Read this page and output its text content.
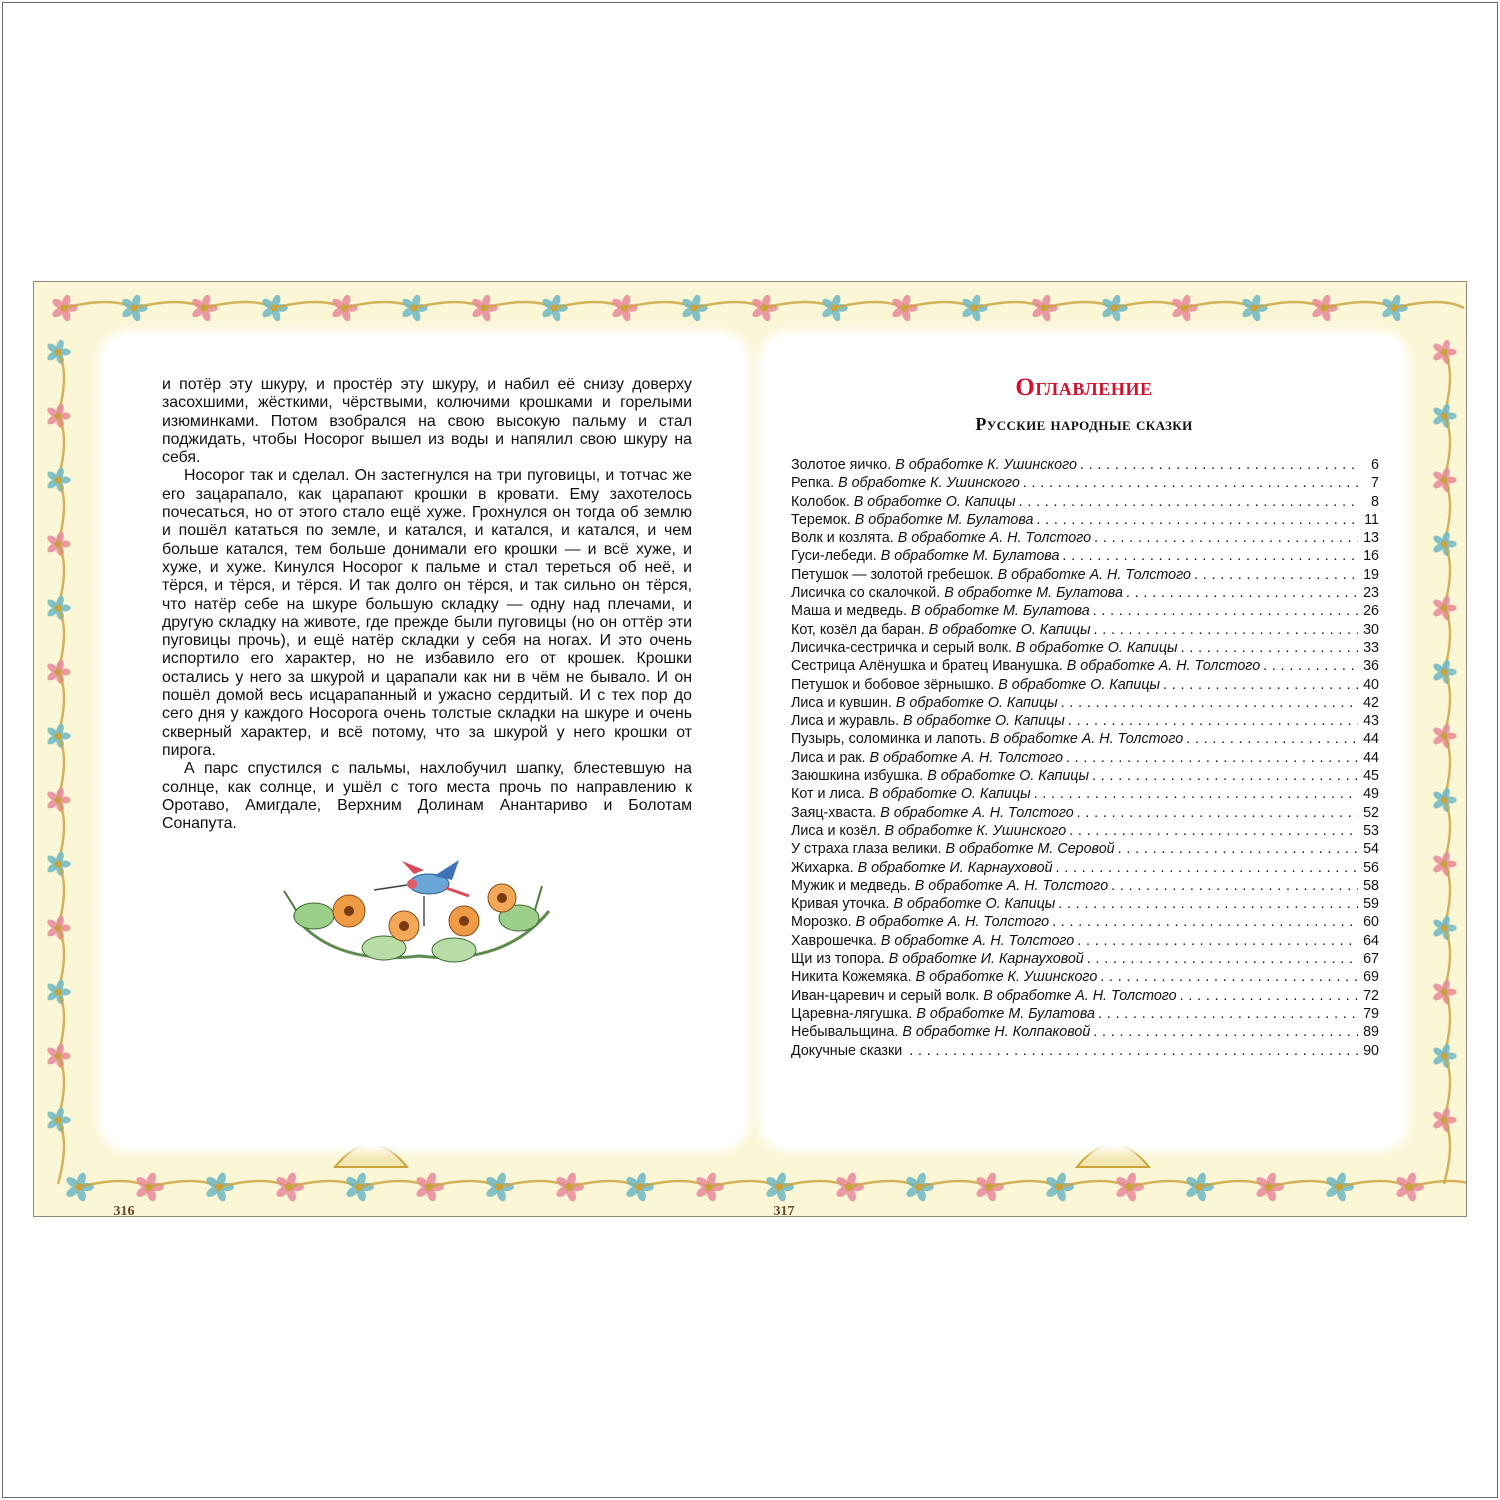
и потёр эту шкуру, и простёр эту шкуру, и набил её снизу доверху засохшими, жёсткими, чёрствыми, колючими крошками и горелыми изюминками. Потом взобрался на свою высокую пальму и стал поджидать, чтобы Носорог вышел из воды и напялил свою шкуру на себя.

Носорог так и сделал. Он застегнулся на три пуговицы, и тотчас же его зацарапало, как царапают крошки в кровати. Ему захотелось почесаться, но от этого стало ещё хуже. Грохнулся он тогда об землю и пошёл кататься по земле, и катался, и катался, и катался, и чем больше катался, тем больше донимали его крошки — и всё хуже, и хуже, и хуже. Кинулся Носорог к пальме и стал тереться об неё, и тёрся, и тёрся, и тёрся. И так долго он тёрся, и так сильно он тёрся, что натёр себе на шкуре большую складку — одну над плечами, и другую складку на животе, где прежде были пуговицы (но он оттёр эти пуговицы прочь), и ещё натёр складки у себя на ногах. И это очень испортило его характер, но не избавило его от крошек. Крошки остались у него за шкурой и царапали как ни в чём не бывало. И он пошёл домой весь исцарапанный и ужасно сердитый. И с тех пор до сего дня у каждого Носорога очень толстые складки на шкуре и очень скверный характер, и всё потому, что за шкурой у него крошки от пирога.

А парс спустился с пальмы, нахлобучил шапку, блестевшую на солнце, как солнце, и ушёл с того места прочь по направлению к Оротаво, Амигдале, Верхним Долинам Анантариво и Болотам Сонапута.

316
Оглавление
Русские народные сказки
Золотое яичко. В обработке К. Ушинского . . .	6
Репка. В обработке К. Ушинского . . .	7
Колобок. В обработке О. Капицы . . .	8
Теремок. В обработке М. Булатова . . .	11
Волк и козлята. В обработке А. Н. Толстого . . .	13
Гуси-лебеди. В обработке М. Булатова . . .	16
Петушок — золотой гребешок. В обработке А. Н. Толстого . . .	19
Лисичка со скалочкой. В обработке М. Булатова . . .	23
Маша и медведь. В обработке М. Булатова . . .	26
Кот, козёл да баран. В обработке О. Капицы . . .	30
Лисичка-сестричка и серый волк. В обработке О. Капицы . . .	33
Сестрица Алёнушка и братец Иванушка. В обработке А. Н. Толстого . . .	36
Петушок и бобовое зёрнышко. В обработке О. Капицы . . .	40
Лиса и кувшин. В обработке О. Капицы . . .	42
Лиса и журавль. В обработке О. Капицы . . .	43
Пузырь, соломинка и лапоть. В обработке А. Н. Толстого . . .	44
Лиса и рак. В обработке А. Н. Толстого . . .	44
Заюшкина избушка. В обработке О. Капицы . . .	45
Кот и лиса. В обработке О. Капицы . . .	49
Заяц-хваста. В обработке А. Н. Толстого . . .	52
Лиса и козёл. В обработке К. Ушинского . . .	53
У страха глаза велики. В обработке М. Серовой . . .	54
Жихарка. В обработке И. Карнауховой . . .	56
Мужик и медведь. В обработке А. Н. Толстого . . .	58
Кривая уточка. В обработке О. Капицы . . .	59
Морозко. В обработке А. Н. Толстого . . .	60
Хаврошечка. В обработке А. Н. Толстого . . .	64
Щи из топора. В обработке И. Карнауховой . . .	67
Никита Кожемяка. В обработке К. Ушинского . . .	69
Иван-царевич и серый волк. В обработке А. Н. Толстого . . .	72
Царевна-лягушка. В обработке М. Булатова . . .	79
Небывальщина. В обработке Н. Колпаковой . . .	89
Докучные сказки . . .	90
317
